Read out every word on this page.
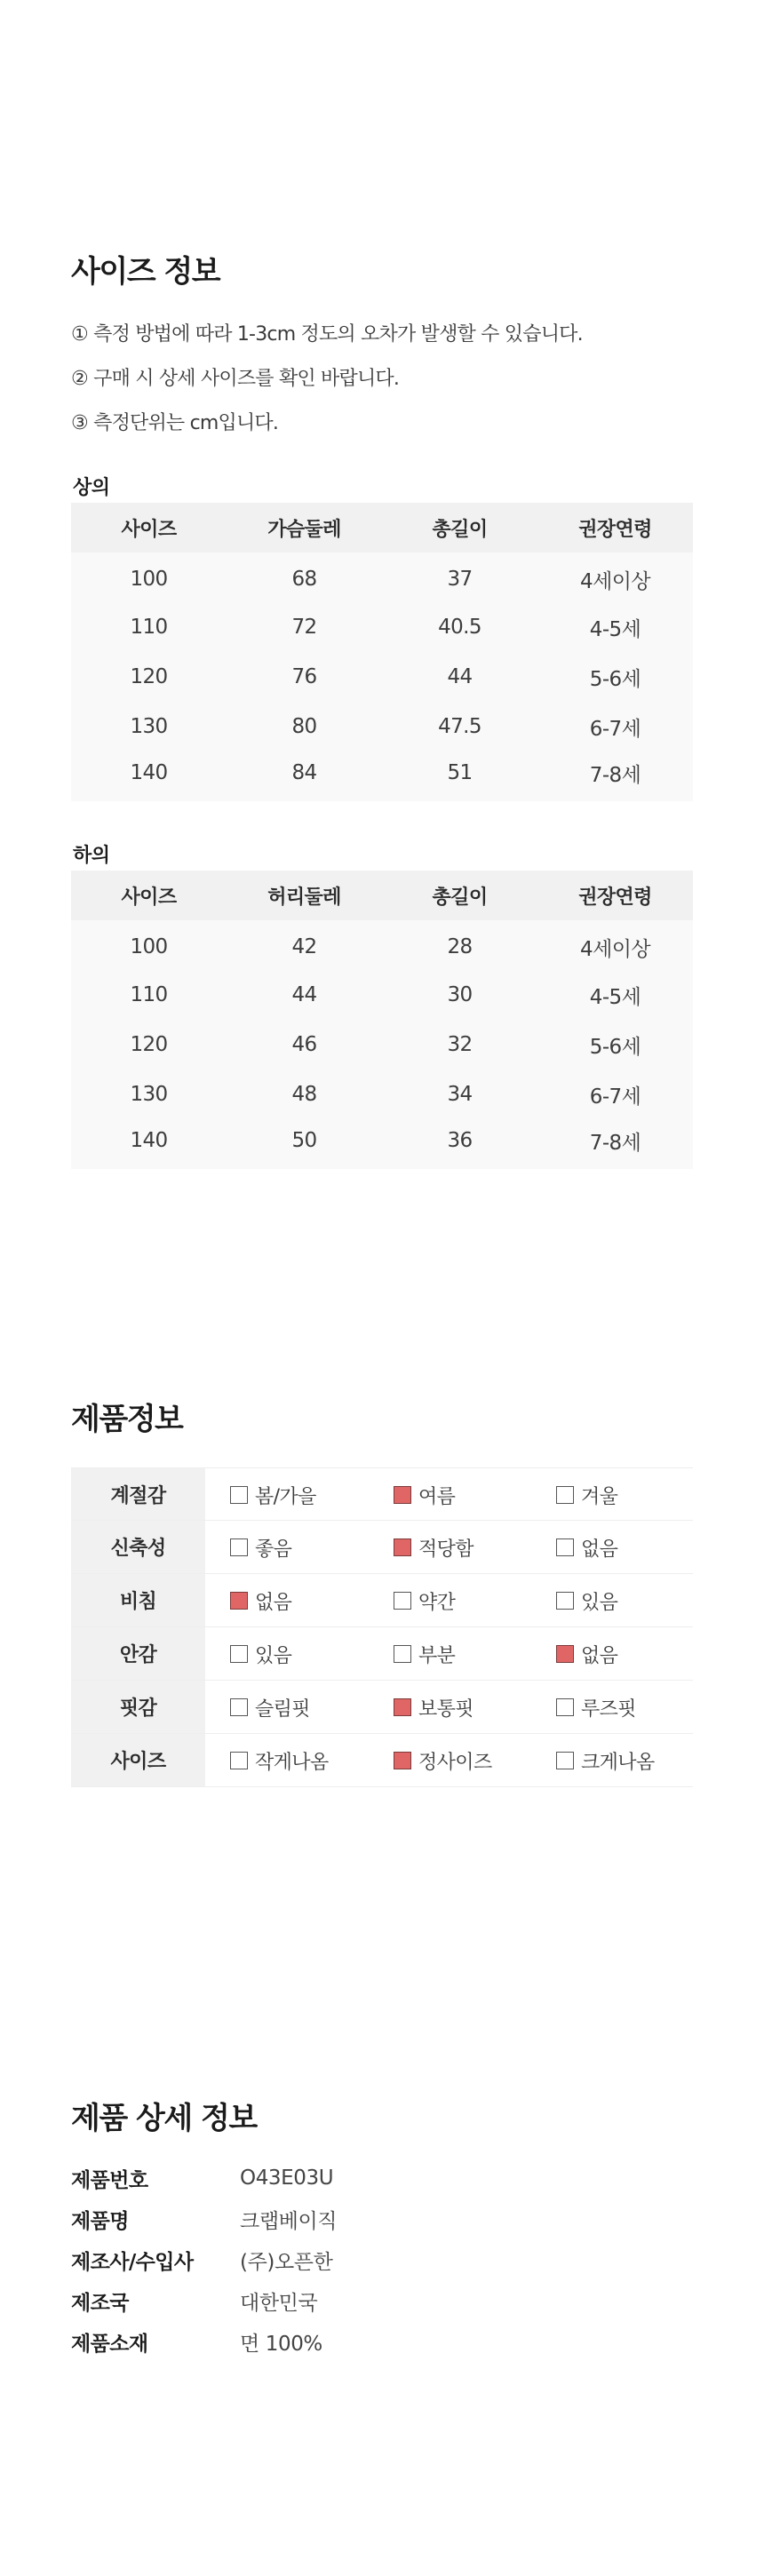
사이즈 정보

① 측정 방법에 따라 1-3cm 정도의 오차가 발생할 수 있습니다.

② 구매 시 상세 사이즈를 확인 바랍니다.

③ 측정단위는 cm입니다.

상의
사이즈	가슴둘레	총길이	권장연령
100	68	37	4세이상
110	72	40.5	4-5세
120	76	44	5-6세
130	80	47.5	6-7세
140	84	51	7-8세
하의
사이즈	허리둘레	총길이	권장연령
100	42	28	4세이상
110	44	30	4-5세
120	46	32	5-6세
130	48	34	6-7세
140	50	36	7-8세
제품정보
계절감	봄/가을	여름	겨울
신축성	좋음	적당함	없음
비침	없음	약간	있음
안감	있음	부분	없음
핏감	슬림핏	보통핏	루즈핏
사이즈	작게나옴	정사이즈	크게나옴
제품 상세 정보
제품번호	O43E03U
제품명	크랩베이직
제조사/수입사	(주)오픈한
제조국	대한민국
제품소재	면 100%
